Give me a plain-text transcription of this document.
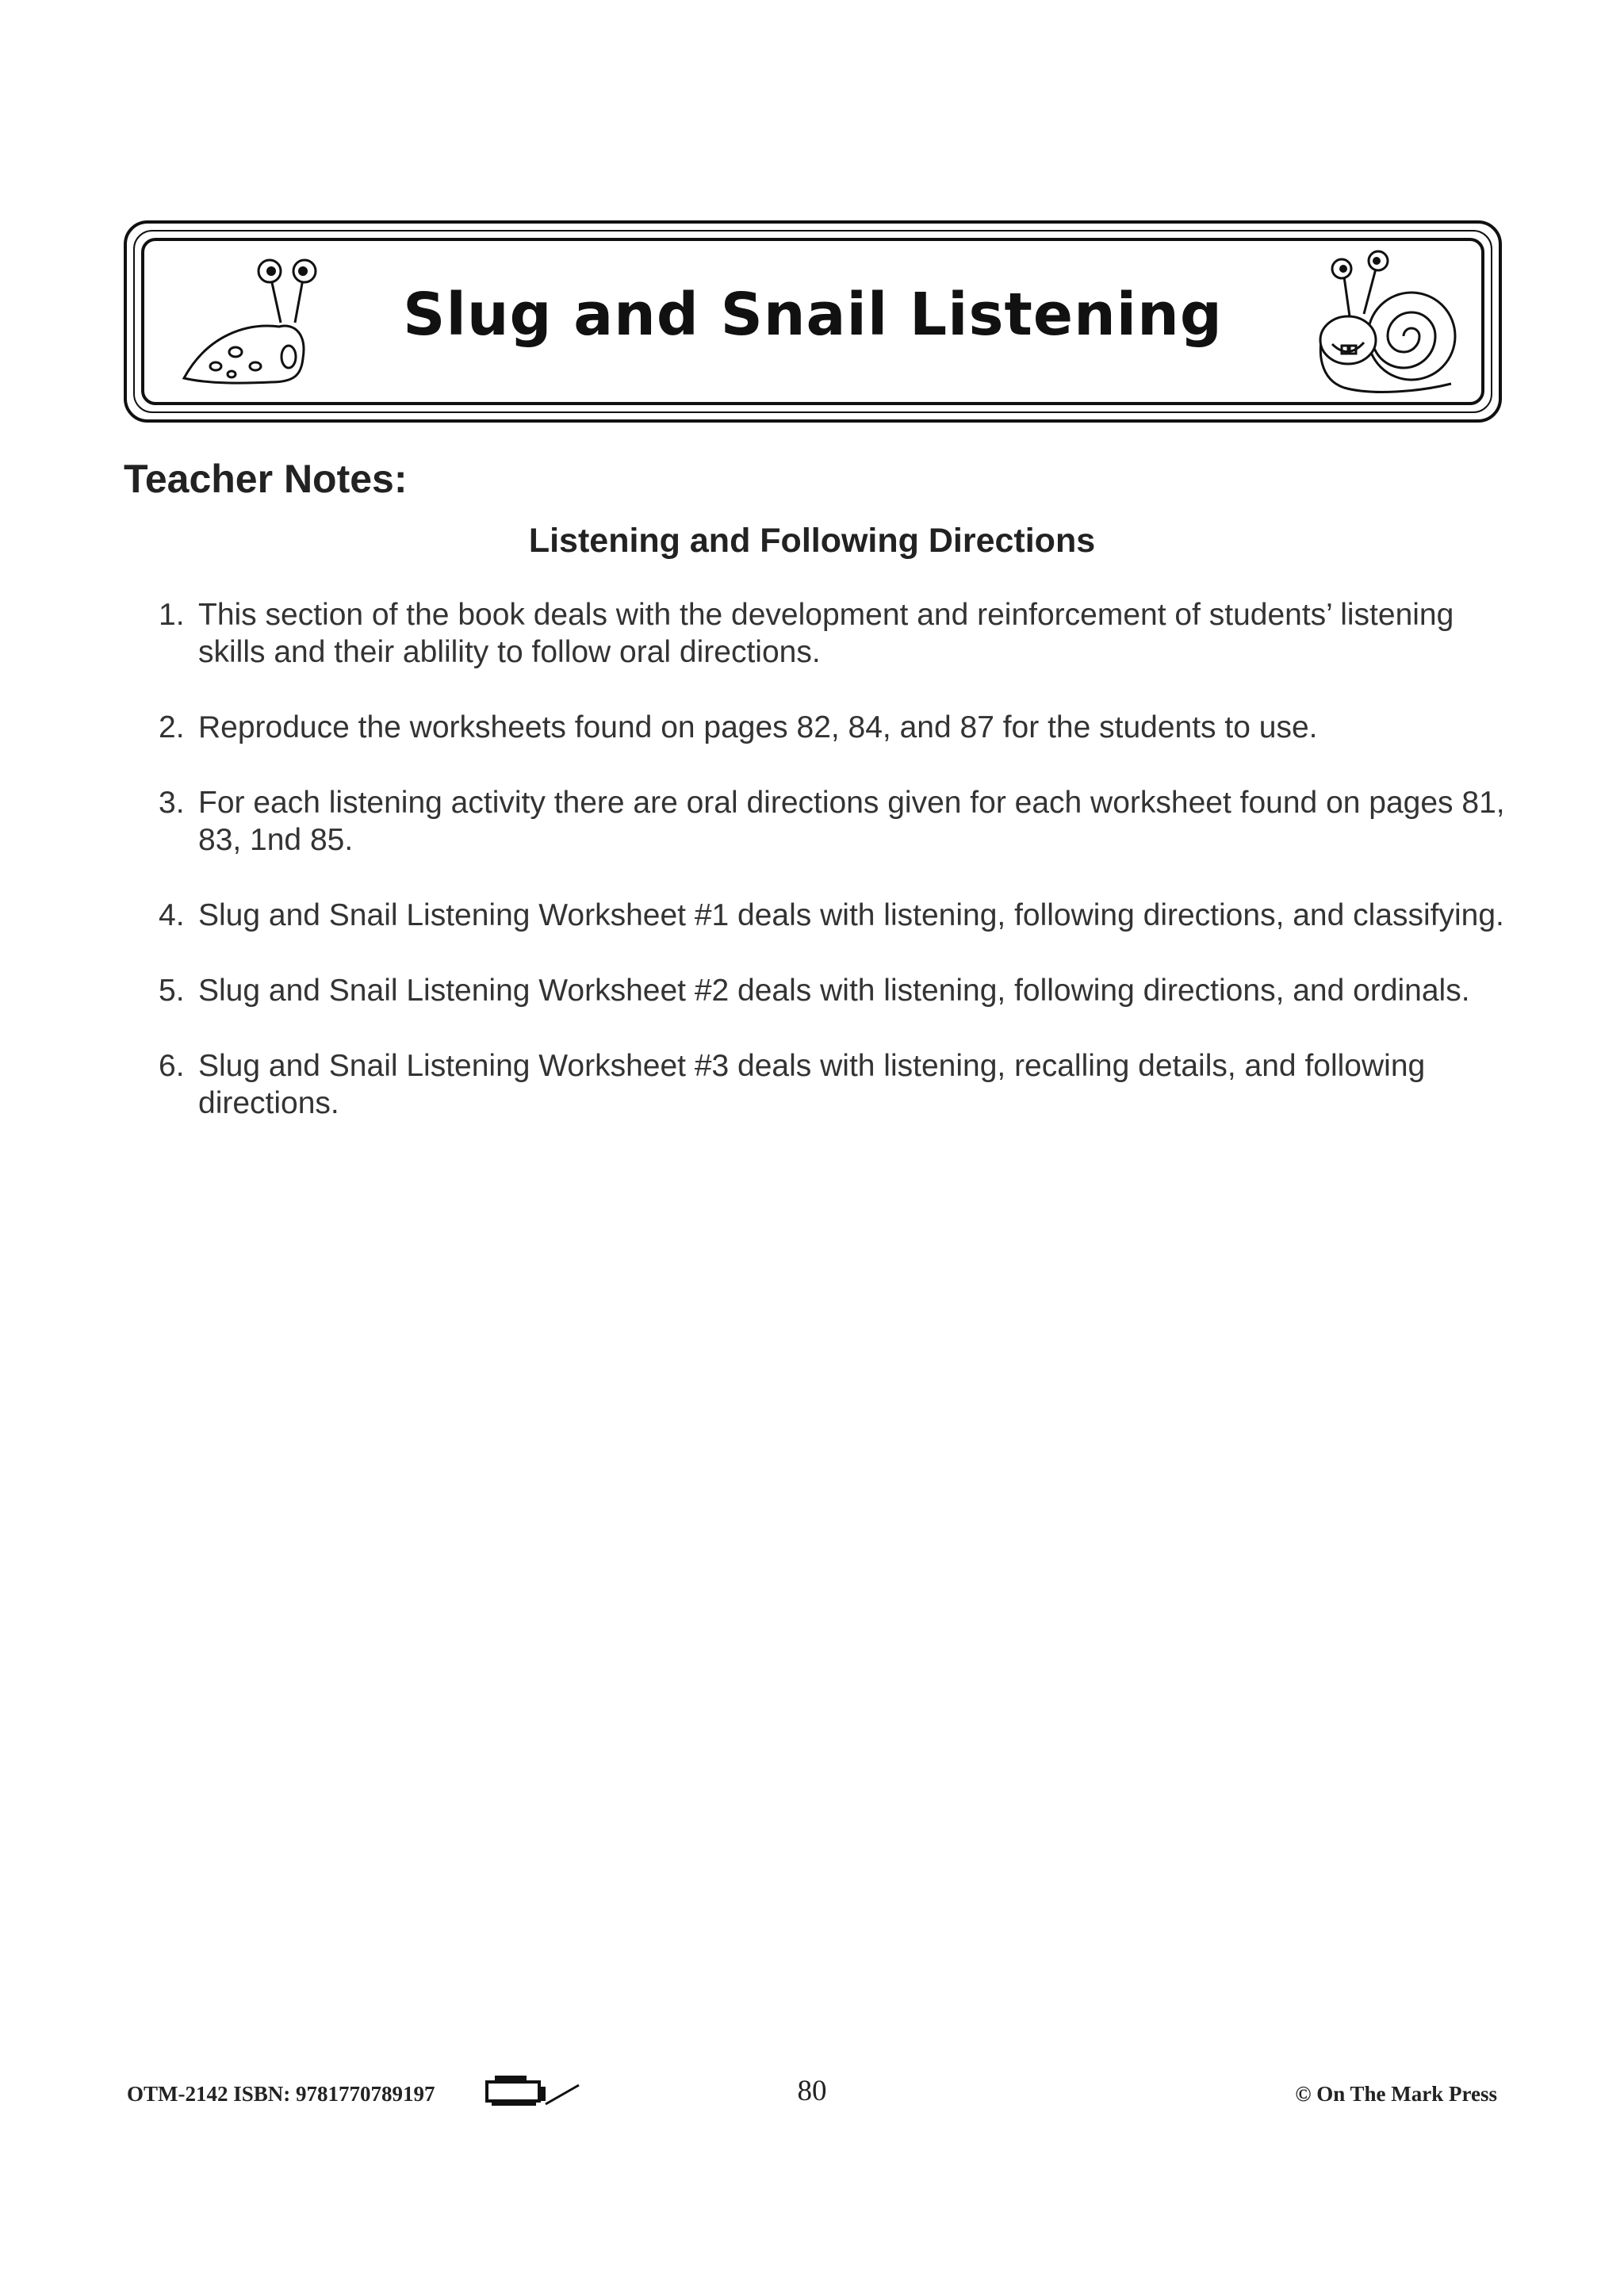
Slug and Snail Listening
Teacher Notes:
Listening and Following Directions
1. This section of the book deals with the development and reinforcement of students’ listening skills and their ablility to follow oral directions.
2. Reproduce the worksheets found on pages 82, 84, and 87 for the students to use.
3. For each listening activity there are oral directions given for each worksheet found on pages 81, 83, 1nd 85.
4. Slug and Snail Listening Worksheet #1 deals with listening, following directions, and classifying.
5. Slug and Snail Listening Worksheet #2 deals with listening, following directions, and ordinals.
6. Slug and Snail Listening Worksheet #3 deals with listening, recalling details, and following directions.
OTM-2142 ISBN: 9781770789197	80	© On The Mark Press
